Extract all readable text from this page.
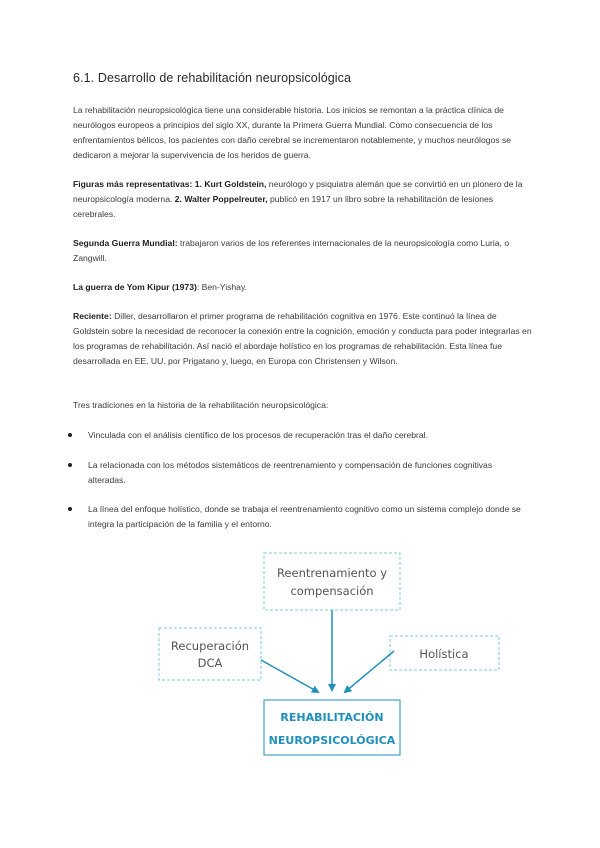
6.1. Desarrollo de rehabilitación neuropsicológica
La rehabilitación neuropsicológica tiene una considerable historia. Los inicios se remontan a la práctica clínica de neurólogos europeos a principios del siglo XX, durante la Primera Guerra Mundial. Como consecuencia de los enfrentamientos bélicos, los pacientes con daño cerebral se incrementaron notablemente, y muchos neurólogos se dedicaron a mejorar la supervivencia de los heridos de guerra.
Figuras más representativas: 1. Kurt Goldstein, neurólogo y psiquiatra alemán que se convirtió en un pionero de la neuropsicología moderna. 2. Walter Poppelreuter, publicó en 1917 un libro sobre la rehabilitación de lesiones cerebrales.
Segunda Guerra Mundial: trabajaron varios de los referentes internacionales de la neuropsicología como Luria, o Zangwill.
La guerra de Yom Kipur (1973): Ben-Yishay.
Reciente: Diller, desarrollaron el primer programa de rehabilitación cognitiva en 1976. Este continuó la línea de Goldstein sobre la necesidad de reconocer la conexión entre la cognición, emoción y conducta para poder integrarlas en los programas de rehabilitación. Así nació el abordaje holístico en los programas de rehabilitación. Esta línea fue desarrollada en EE. UU. por Prigatano y, luego, en Europa con Christensen y Wilson.
Tres tradiciones en la historia de la rehabilitación neuropsicológica:
Vinculada con el análisis científico de los procesos de recuperación tras el daño cerebral.
La relacionada con los métodos sistemáticos de reentrenamiento y compensación de funciones cognitivas alteradas.
La línea del enfoque holístico, donde se trabaja el reentrenamiento cognitivo como un sistema complejo donde se integra la participación de la familia y el entorno.
Reentrenamiento y
compensación
Recuperación
DCA
Holística
REHABILITACIÓN
NEUROPSICOLÓGICA
